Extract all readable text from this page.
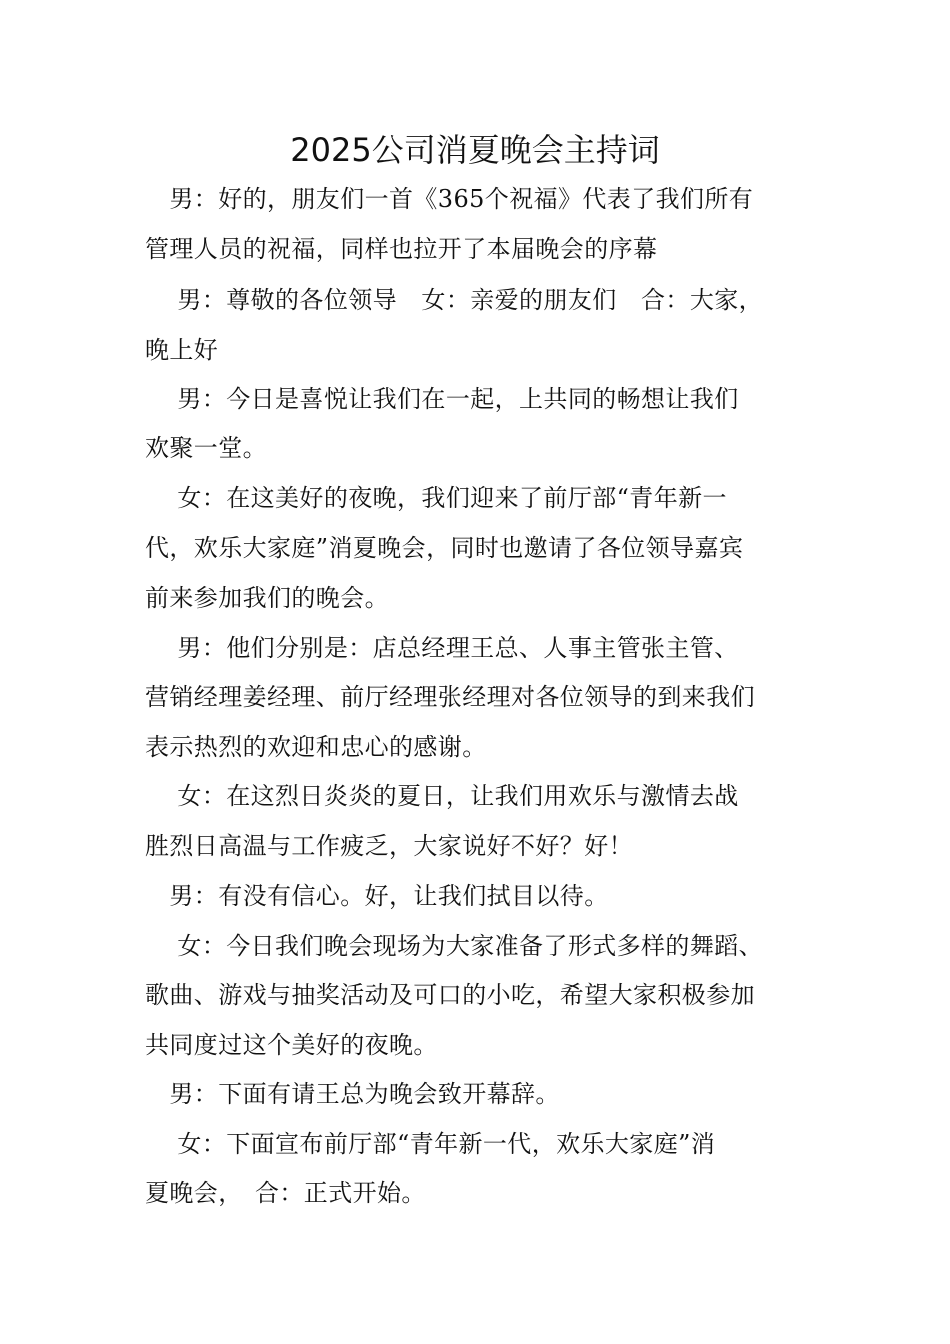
2025公司消夏晚会主持词
　男：好的，朋友们一首《365个祝福》代表了我们所有
管理人员的祝福，同样也拉开了本届晚会的序幕
　 男：尊敬的各位领导　女：亲爱的朋友们　合：大家，
晚上好
　 男：今日是喜悦让我们在一起，上共同的畅想让我们
欢聚一堂。
　 女：在这美好的夜晚，我们迎来了前厅部“青年新一
代，欢乐大家庭”消夏晚会，同时也邀请了各位领导嘉宾
前来参加我们的晚会。
　 男：他们分别是：店总经理王总、人事主管张主管、
营销经理姜经理、前厅经理张经理对各位领导的到来我们
表示热烈的欢迎和忠心的感谢。
　 女：在这烈日炎炎的夏日，让我们用欢乐与激情去战
胜烈日高温与工作疲乏，大家说好不好？好！
　男：有没有信心。好，让我们拭目以待。
　 女：今日我们晚会现场为大家准备了形式多样的舞蹈、
歌曲、游戏与抽奖活动及可口的小吃，希望大家积极参加
共同度过这个美好的夜晚。
　男：下面有请王总为晚会致开幕辞。
　 女：下面宣布前厅部“青年新一代，欢乐大家庭”消
夏晚会，　合：正式开始。
